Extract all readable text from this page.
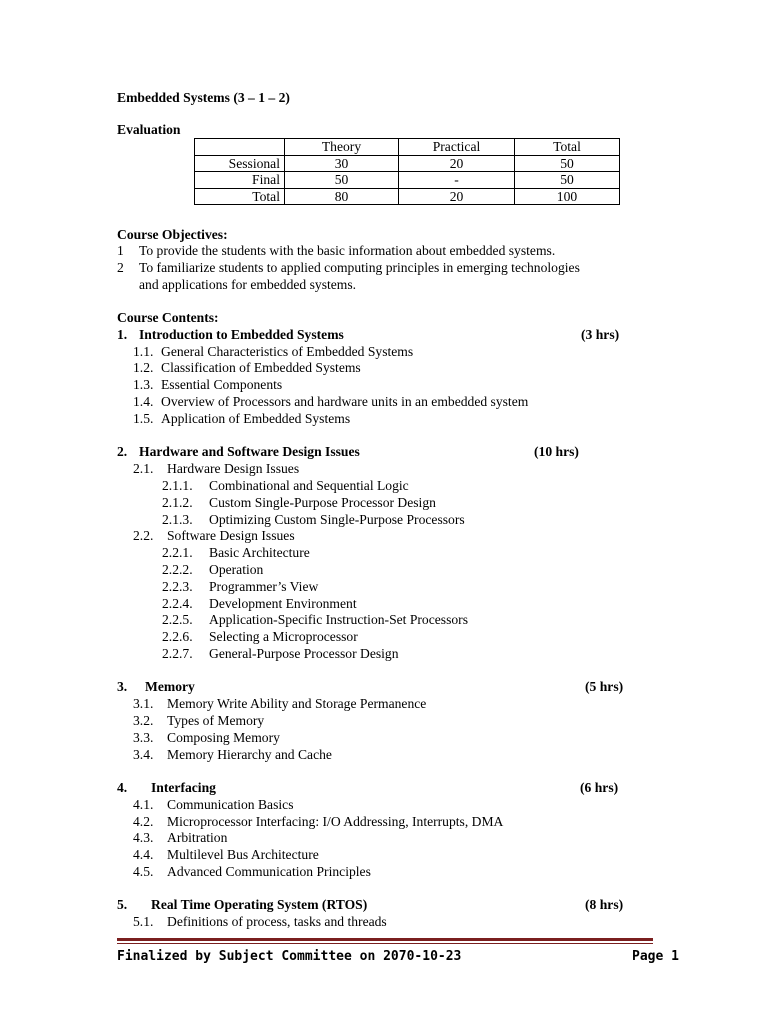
Embedded Systems (3 – 1 – 2)
Evaluation
	Theory	Practical	Total
Sessional	30	20	50
Final	50	-	50
Total	80	20	100
Course Objectives:
1 To provide the students with the basic information about embedded systems.
2 To familiarize students to applied computing principles in emerging technologies
and applications for embedded systems.
Course Contents:
1. Introduction to Embedded Systems	(3 hrs)
1.1. General Characteristics of Embedded Systems
1.2. Classification of Embedded Systems
1.3. Essential Components
1.4. Overview of Processors and hardware units in an embedded system
1.5. Application of Embedded Systems
2. Hardware and Software Design Issues	(10 hrs)
2.1. Hardware Design Issues
2.1.1. Combinational and Sequential Logic
2.1.2. Custom Single-Purpose Processor Design
2.1.3. Optimizing Custom Single-Purpose Processors
2.2. Software Design Issues
2.2.1. Basic Architecture
2.2.2. Operation
2.2.3. Programmer’s View
2.2.4. Development Environment
2.2.5. Application-Specific Instruction-Set Processors
2.2.6. Selecting a Microprocessor
2.2.7. General-Purpose Processor Design
3. Memory	(5 hrs)
3.1. Memory Write Ability and Storage Permanence
3.2. Types of Memory
3.3. Composing Memory
3.4. Memory Hierarchy and Cache
4. Interfacing	(6 hrs)
4.1. Communication Basics
4.2. Microprocessor Interfacing: I/O Addressing, Interrupts, DMA
4.3. Arbitration
4.4. Multilevel Bus Architecture
4.5. Advanced Communication Principles
5. Real Time Operating System (RTOS)	(8 hrs)
5.1. Definitions of process, tasks and threads
Finalized by Subject Committee on 2070-10-23	Page 1
